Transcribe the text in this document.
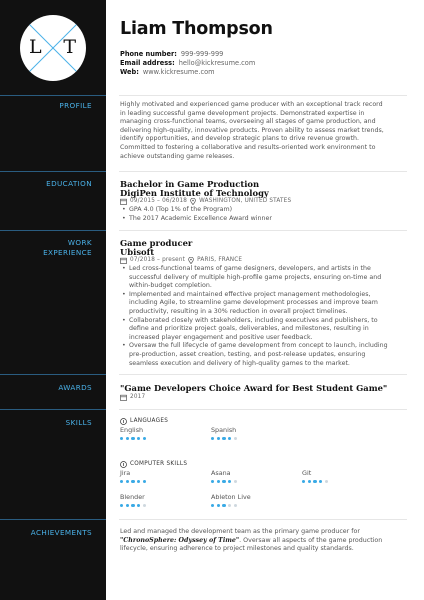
L T
PROFILE
EDUCATION
WORK
EXPERIENCE
AWARDS
SKILLS
ACHIEVEMENTS
Liam Thompson
Phone number: 999-999-999
Email address: hello@kickresume.com
Web: www.kickresume.com
Highly motivated and experienced game producer with an exceptional track record
in leading successful game development projects. Demonstrated expertise in
managing cross-functional teams, overseeing all stages of game production, and
delivering high-quality, innovative products. Proven ability to assess market trends,
identify opportunities, and develop strategic plans to drive revenue growth.
Committed to fostering a collaborative and results-oriented work environment to
achieve outstanding game releases.
Bachelor in Game Production
DigiPen Institute of Technology
09/2015 – 06/2018 WASHINGTON, UNITED STATES
• GPA 4.0 (Top 1% of the Program)
• The 2017 Academic Excellence Award winner
Game producer
Ubisoft
07/2018 – present PARIS, FRANCE
• Led cross-functional teams of game designers, developers, and artists in the
successful delivery of multiple high-profile game projects, ensuring on-time and
within-budget completion.
• Implemented and maintained effective project management methodologies,
including Agile, to streamline game development processes and improve team
productivity, resulting in a 30% reduction in overall project timelines.
• Collaborated closely with stakeholders, including executives and publishers, to
define and prioritize project goals, deliverables, and milestones, resulting in
increased player engagement and positive user feedback.
• Oversaw the full lifecycle of game development from concept to launch, including
pre-production, asset creation, testing, and post-release updates, ensuring
seamless execution and delivery of high-quality games to the market.
"Game Developers Choice Award for Best Student Game"
2017
LANGUAGES
English	Spanish
COMPUTER SKILLS
Jira	Asana	Git
Blender	Ableton Live
Led and managed the development team as the primary game producer for
"ChronoSphere: Odyssey of Time". Oversaw all aspects of the game production
lifecycle, ensuring adherence to project milestones and quality standards.
